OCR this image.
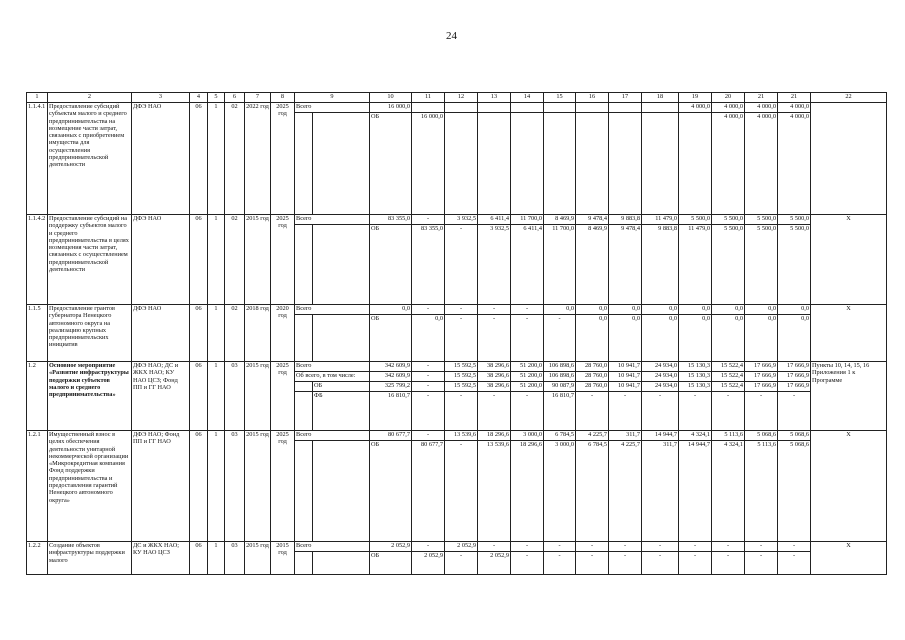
24
1	2	3	4	5	6	7	8	9		10	11	12	13	14	15	16	17	18	19	20	21	21	22	
1.1.4.1	Предоставление субсидий субъектам малого и среднего предпринимательства на возмещение части затрат, связанных с приобретением имущества для осуществления предпринимательской деятельности	ДФЭ НАО	06	1	02	2022 год	2025 год	Всего		16 000,0									4 000,0	4 000,0	4 000,0	4 000,0		
										ОБ	16 000,0									4 000,0	4 000,0	4 000,0	
1.1.4.2	Предоставление субсидий на поддержку субъектов малого и среднего предпринимательства в целях возмещения части затрат, связанных с осуществлением предпринимательской деятельности	ДФЭ НАО	06	1	02	2015 год	2025 год	Всего		83 355,0	-	3 932,5	6 411,4	11 700,0	8 469,9	9 478,4	9 883,8	11 479,0	5 500,0	5 500,0	5 500,0	5 500,0	X	
										ОБ	83 355,0	-	3 932,5	6 411,4	11 700,0	8 469,9	9 478,4	9 883,8	11 479,0	5 500,0	5 500,0	5 500,0	
1.1.5	Предоставление грантов губернатора Ненецкого автономного округа на реализацию крупных предпринимательских инициатив	ДФЭ НАО	06	1	02	2018 год	2020 год	Всего		0,0	-	-	-	-	0,0	0,0	0,0	0,0	0,0	0,0	0,0	0,0	X	
										ОБ	0,0	-	-	-	-	0,0	0,0	0,0	0,0	0,0	0,0	0,0	
1.2	Основное мероприятие «Развитие инфраструктуры поддержки субъектов малого и среднего предпринимательства»	ДФЭ НАО; ДС и ЖКХ НАО; КУ НАО ЦСЗ; Фонд ПП и ГГ НАО	06	1	03	2015 год	2025 год	Всего		342 609,9	-	15 592,5	38 296,6	51 200,0	106 898,6	28 760,0	10 941,7	24 934,0	15 130,3	15 522,4	17 666,9	17 666,9	Пункты 10, 14, 15, 16 Приложения 1 к Программе	
								Об всего, в том числе:		342 609,9	-	15 592,5	38 296,6	51 200,0	106 898,6	28 760,0	10 941,7	24 934,0	15 130,3	15 522,4	17 666,9	17 666,9		
									ОБ	325 799,2	-	15 592,5	38 296,6	51 200,0	90 087,9	28 760,0	10 941,7	24 934,0	15 130,3	15 522,4	17 666,9	17 666,9		
									ФБ	16 810,7	-	-	-	-	16 810,7	-	-	-	-	-	-	-		
1.2.1	Имущественный взнос в целях обеспечения деятельности унитарной некоммерческой организации «Микрокредитная компания Фонд поддержки предпринимательства и предоставления гарантий Ненецкого автономного округа»	ДФЭ НАО; Фонд ПП и ГГ НАО	06	1	03	2015 год	2025 год	Всего		80 677,7	-	13 539,6	18 296,6	3 000,0	6 784,5	4 225,7	311,7	14 944,7	4 324,1	5 113,6	5 068,6	5 068,6	X	
										ОБ	80 677,7	-	13 539,6	18 296,6	3 000,0	6 784,5	4 225,7	311,7	14 944,7	4 324,1	5 113,6	5 068,6	
1.2.2	Создание объектов инфраструктуры поддержки малого	ДС и ЖКХ НАО; КУ НАО ЦСЗ	06	1	03	2015 год	2015 год	Всего		2 052,9	-	2 052,9	-	-	-	-	-	-	-	-	-	-	X	
										ОБ	2 052,9	-	2 052,9	-	-	-	-	-	-	-	-	-	
